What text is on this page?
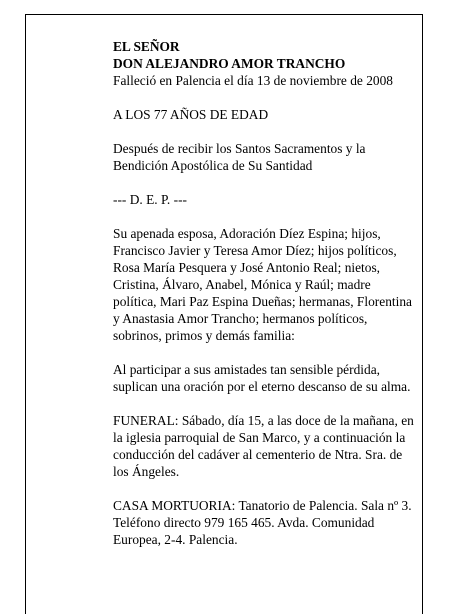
EL SEÑOR

DON ALEJANDRO AMOR TRANCHO

Falleció en Palencia el día 13 de noviembre de 2008

A LOS 77 AÑOS DE EDAD

Después de recibir los Santos Sacramentos y la Bendición Apostólica de Su Santidad

--- D. E. P. ---

Su apenada esposa, Adoración Díez Espina; hijos, Francisco Javier y Teresa Amor Díez; hijos políticos, Rosa María Pesquera y José Antonio Real; nietos, Cristina, Álvaro, Anabel, Mónica y Raúl; madre política, Mari Paz Espina Dueñas; hermanas, Florentina y Anastasia Amor Trancho; hermanos políticos, sobrinos, primos y demás familia:

Al participar a sus amistades tan sensible pérdida, suplican una oración por el eterno descanso de su alma.

FUNERAL: Sábado, día 15, a las doce de la mañana, en la iglesia parroquial de San Marco, y a continuación la conducción del cadáver al cementerio de Ntra. Sra. de los Ángeles.

CASA MORTUORIA: Tanatorio de Palencia. Sala nº 3. Teléfono directo 979 165 465. Avda. Comunidad Europea, 2-4. Palencia.
